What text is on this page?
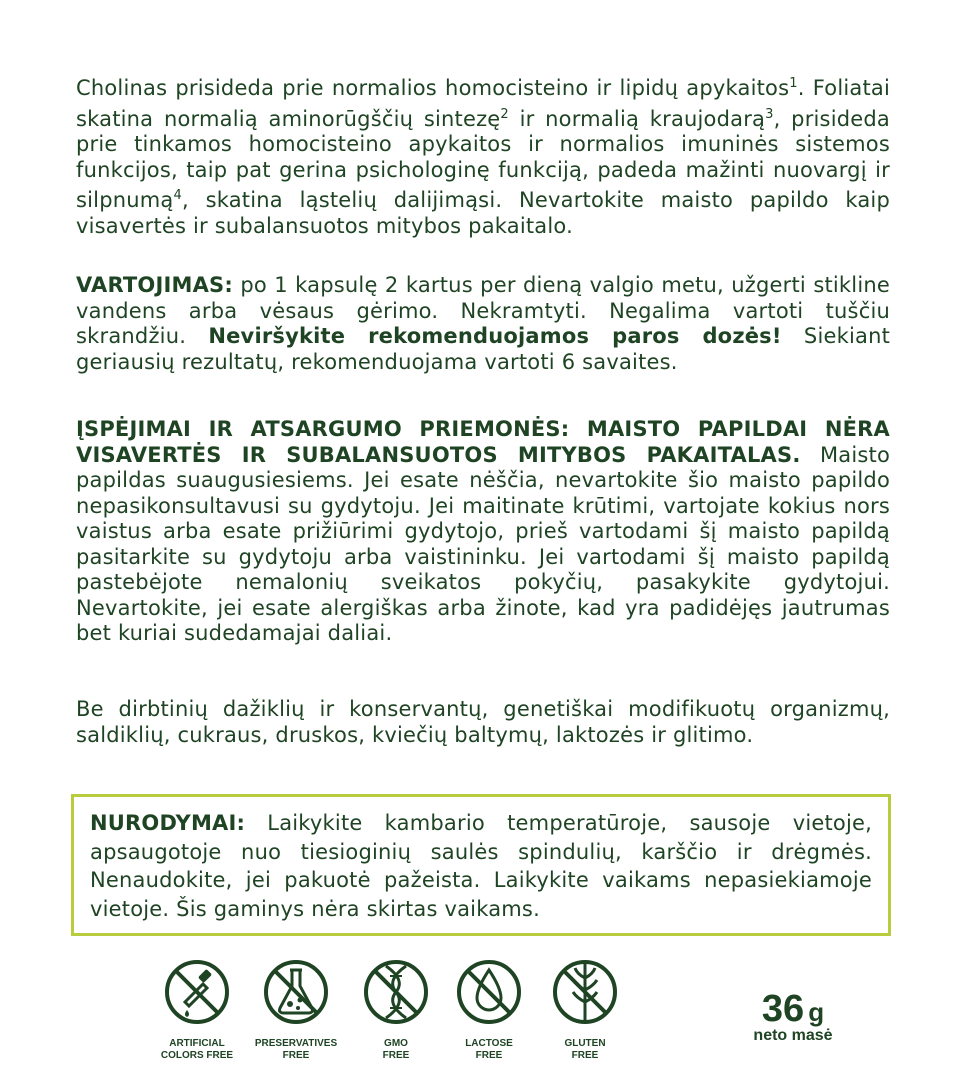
Cholinas prisideda prie normalios homocisteino ir lipidų apykaitos$^1$. Foliatai skatina normalią aminorūgščių sintezę$^2$ ir normalią kraujodarą$^3$, prisideda prie tinkamos homocisteino apykaitos ir normalios imuninės sistemos funkcijos, taip pat gerina psichologinę funkciją, padeda mažinti nuovargį ir silpnumą$^4$, skatina ląstelių dalijimąsi. Nevartokite maisto papildo kaip visavertės ir subalansuotos mitybos pakaitalo.
VARTOJIMAS: po 1 kapsulę 2 kartus per dieną valgio metu, užgerti stikline vandens arba vėsaus gėrimo. Nekramtyti. Negalima vartoti tuščiu skrandžiu. Neviršykite rekomenduojamos paros dozės! Siekiant geriausių rezultatų, rekomenduojama vartoti 6 savaites.
ĮSPĖJIMAI IR ATSARGUMO PRIEMONĖS: MAISTO PAPILDAI NĖRA VISAVERTĖS IR SUBALANSUOTOS MITYBOS PAKAITALAS. Maisto papildas suaugusiesiems. Jei esate nėščia, nevartokite šio maisto papildo nepasikonsultavusi su gydytoju. Jei maitinate krūtimi, vartojate kokius nors vaistus arba esate prižiūrimi gydytojo, prieš vartodami šį maisto papildą pasitarkite su gydytoju arba vaistininku. Jei vartodami šį maisto papildą pastebėjote nemalonių sveikatos pokyčių, pasakykite gydytojui. Nevartokite, jei esate alergiškas arba žinote, kad yra padidėjęs jautrumas bet kuriai sudedamajai daliai.
Be dirbtinių dažiklių ir konservantų, genetiškai modifikuotų organizmų, saldiklių, cukraus, druskos, kviečių baltymų, laktozės ir glitimo.
NURODYMAI: Laikykite kambario temperatūroje, sausoje vietoje, apsaugotoje nuo tiesioginių saulės spindulių, karščio ir drėgmės. Nenaudokite, jei pakuotė pažeista. Laikykite vaikams nepasiekiamoje vietoje. Šis gaminys nėra skirtas vaikams.
ARTIFICIAL
COLORS FREE
PRESERVATIVES
FREE
GMO
FREE
LACTOSE
FREE
GLUTEN
FREE
36 g
neto masė
